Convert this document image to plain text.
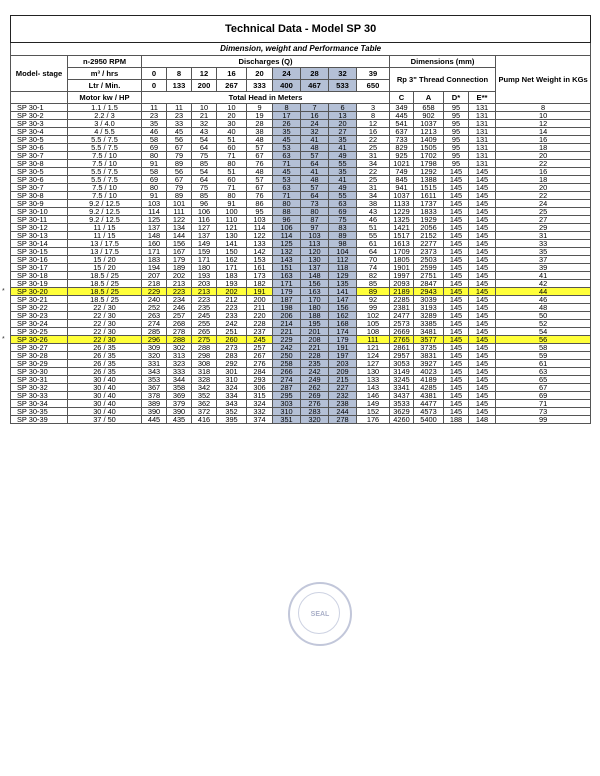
Technical Data - Model SP 30															
Dimension, weight and Performance Table															
Model- stage	n-2950 RPM	Discharges (Q)									Dimensions (mm)				Pump Net Weight in KGs
	m³ / hrs	0	8	12	16	20	24	28	32	39	Rp 3" Thread Connection				
	Ltr / Min.	0	133	200	267	333	400	467	533	650					
	Motor kw / HP	Total Head in Meters									C	A	D*	E**	
SP 30-1	1.1 / 1.5	11	11	10	10	9	8	7	6	3	349	658	95	131	8
SP 30-2	2.2 / 3	23	23	21	20	19	17	16	13	8	445	902	95	131	10
SP 30-3	3 / 4.0	35	33	32	30	28	26	24	20	12	541	1037	95	131	12
SP 30-4	4 / 5.5	46	45	43	40	38	35	32	27	16	637	1213	95	131	14
SP 30-5	5.5 / 7.5	58	56	54	51	48	45	41	35	22	733	1409	95	131	16
SP 30-6	5.5 / 7.5	69	67	64	60	57	53	48	41	25	829	1505	95	131	18
SP 30-7	7.5 / 10	80	79	75	71	67	63	57	49	31	925	1702	95	131	20
SP 30-8	7.5 / 10	91	89	85	80	76	71	64	55	34	1021	1798	95	131	22
SP 30-5	5.5 / 7.5	58	56	54	51	48	45	41	35	22	749	1292	145	145	16
SP 30-6	5.5 / 7.5	69	67	64	60	57	53	48	41	25	845	1388	145	145	18
SP 30-7	7.5 / 10	80	79	75	71	67	63	57	49	31	941	1515	145	145	20
SP 30-8	7.5 / 10	91	89	85	80	76	71	64	55	34	1037	1611	145	145	22
SP 30-9	9.2 / 12.5	103	101	96	91	86	80	73	63	38	1133	1737	145	145	24
SP 30-10	9.2 / 12.5	114	111	106	100	95	88	80	69	43	1229	1833	145	145	25
SP 30-11	9.2 / 12.5	125	122	116	110	103	96	87	75	46	1325	1929	145	145	27
SP 30-12	11 / 15	137	134	127	121	114	106	97	83	51	1421	2056	145	145	29
SP 30-13	11 / 15	148	144	137	130	122	114	103	89	55	1517	2152	145	145	31
SP 30-14	13 / 17.5	160	156	149	141	133	125	113	98	61	1613	2277	145	145	33
SP 30-15	13 / 17.5	171	167	159	150	142	132	120	104	64	1709	2373	145	145	35
SP 30-16	15 / 20	183	179	171	162	153	143	130	112	70	1805	2503	145	145	37
SP 30-17	15 / 20	194	189	180	171	161	151	137	118	74	1901	2599	145	145	39
SP 30-18	18.5 / 25	207	202	193	183	173	163	148	129	82	1997	2751	145	145	41
SP 30-19	18.5 / 25	218	213	203	193	182	171	156	135	85	2093	2847	145	145	42

* SP 30-20	18.5 / 25	229	223	213	202	191	179	163	141	89	2189	2943	145	145	44
SP 30-21	18.5 / 25	240	234	223	212	200	187	170	147	92	2285	3039	145	145	46
SP 30-22	22 / 30	252	246	235	223	211	198	180	156	99	2381	3193	145	145	48
SP 30-23	22 / 30	263	257	245	233	220	206	188	162	102	2477	3289	145	145	50
SP 30-24	22 / 30	274	268	255	242	228	214	195	168	105	2573	3385	145	145	52
SP 30-25	22 / 30	285	278	265	251	237	221	201	174	108	2669	3481	145	145	54

* SP 30-26	22 / 30	296	288	275	260	245	229	208	179	111	2765	3577	145	145	56
SP 30-27	26 / 35	309	302	288	273	257	242	221	191	121	2861	3735	145	145	58
SP 30-28	26 / 35	320	313	298	283	267	250	228	197	124	2957	3831	145	145	59
SP 30-29	26 / 35	331	323	308	292	276	258	235	203	127	3053	3927	145	145	61
SP 30-30	26 / 35	343	333	318	301	284	266	242	209	130	3149	4023	145	145	63
SP 30-31	30 / 40	353	344	328	310	293	274	249	215	133	3245	4189	145	145	65
SP 30-32	30 / 40	367	358	342	324	306	287	262	227	143	3341	4285	145	145	67
SP 30-33	30 / 40	378	369	352	334	315	295	269	232	146	3437	4381	145	145	69
SP 30-34	30 / 40	389	379	362	343	324	303	276	238	149	3533	4477	145	145	71
SP 30-35	30 / 40	390	390	372	352	332	310	283	244	152	3629	4573	145	145	73
SP 30-39	37 / 50	445	435	416	395	374	351	320	278	176	4260	5400	188	148	99
SEAL
